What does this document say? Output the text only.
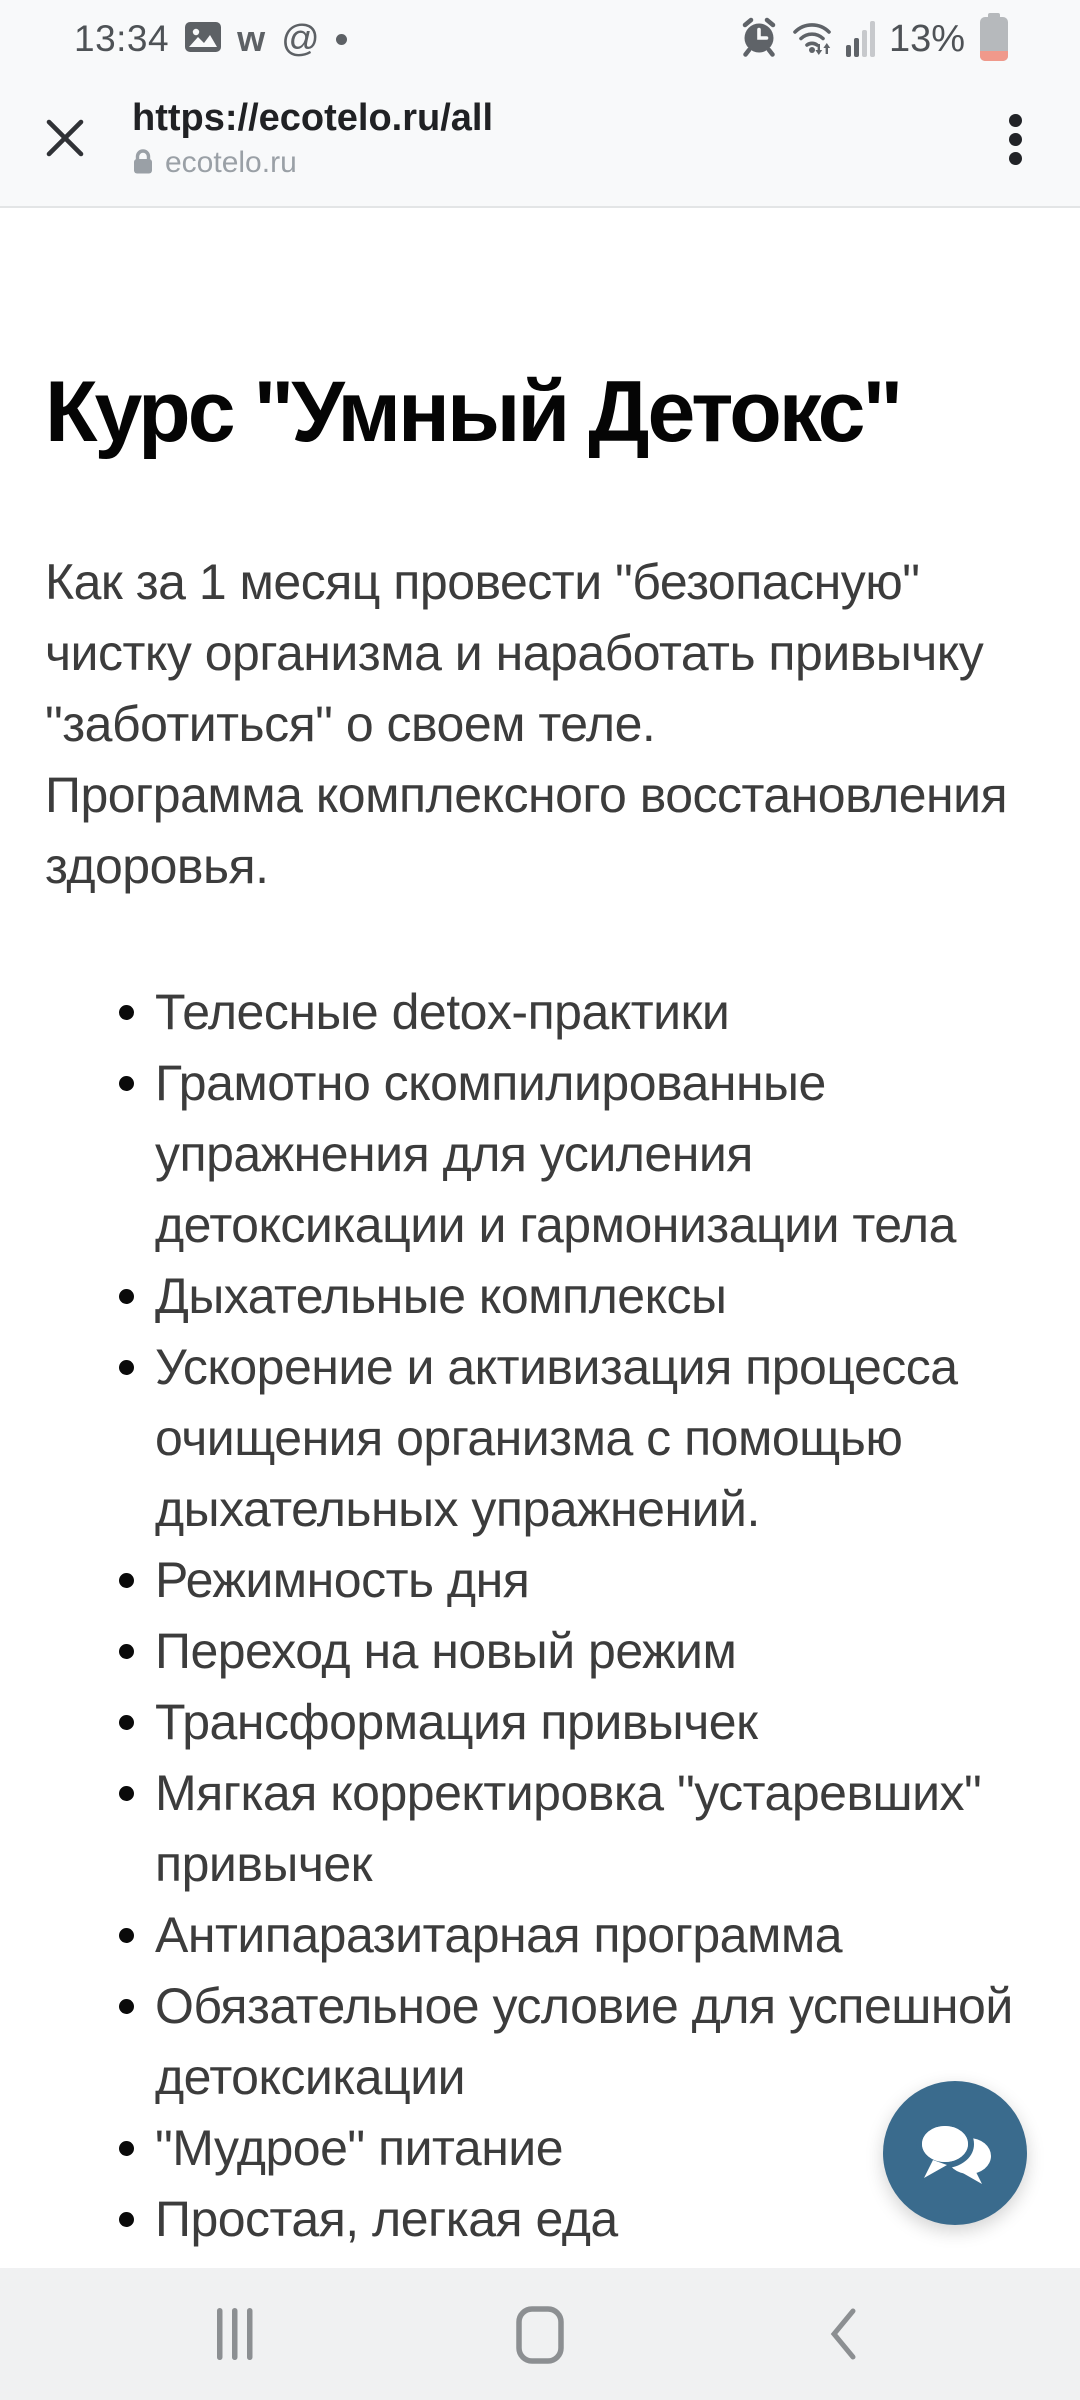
13:34 w @	13%
https://ecotelo.ru/all
ecotelo.ru
Курс "Умный Детокс"

Как за 1 месяц провести "безопасную" чистку организма и наработать привычку "заботиться" о своем теле.

Программа комплексного восстановления здоровья.

Телесные detox-практики
Грамотно скомпилированные упражнения для усиления детоксикации и гармонизации тела
Дыхательные комплексы
Ускорение и активизация процесса очищения организма с помощью дыхательных упражнений.
Режимность дня
Переход на новый режим
Трансформация привычек
Мягкая корректировка "устаревших" привычек
Антипаразитарная программа
Обязательное условие для успешной детоксикации
"Мудрое" питание
Простая, легкая еда
